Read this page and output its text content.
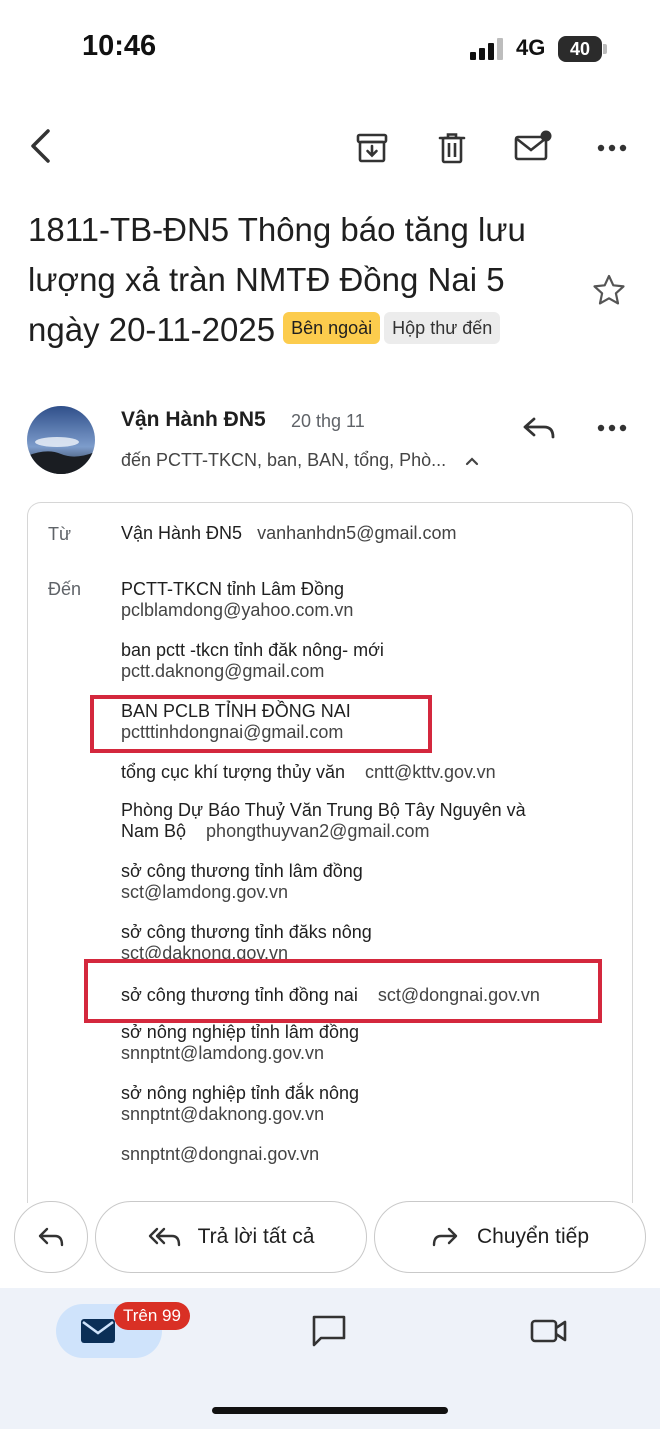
10:46	4G	40
1811-TB-ĐN5 Thông báo tăng lưu
lượng xả tràn NMTĐ Đồng Nai 5
ngày 20-11-2025 Bên ngoài Hộp thư đến
Vận Hành ĐN5 20 thg 11
đến PCTT-TKCN, ban, BAN, tổng, Phò...
Từ	Vận Hành ĐN5 vanhanhdn5@gmail.com
Đến PCTT-TKCN tỉnh Lâm Đồng
pclblamdong@yahoo.com.vn
ban pctt -tkcn tỉnh đăk nông- mới
pctt.daknong@gmail.com
BAN PCLB TỈNH ĐỒNG NAI
pctttinhdongnai@gmail.com
tổng cục khí tượng thủy văn cntt@kttv.gov.vn
Phòng Dự Báo Thuỷ Văn Trung Bộ Tây Nguyên và
Nam Bộ phongthuyvan2@gmail.com
sở công thương tỉnh lâm đồng
sct@lamdong.gov.vn
sở công thương tỉnh đăks nông
sct@daknong.gov.vn
sở công thương tỉnh đồng nai sct@dongnai.gov.vn
sở nông nghiệp tỉnh lâm đồng
snnptnt@lamdong.gov.vn
sở nông nghiệp tỉnh đắk nông
snnptnt@daknong.gov.vn
snnptnt@dongnai.gov.vn
Trả lời tất cả	Chuyển tiếp
Trên 99
